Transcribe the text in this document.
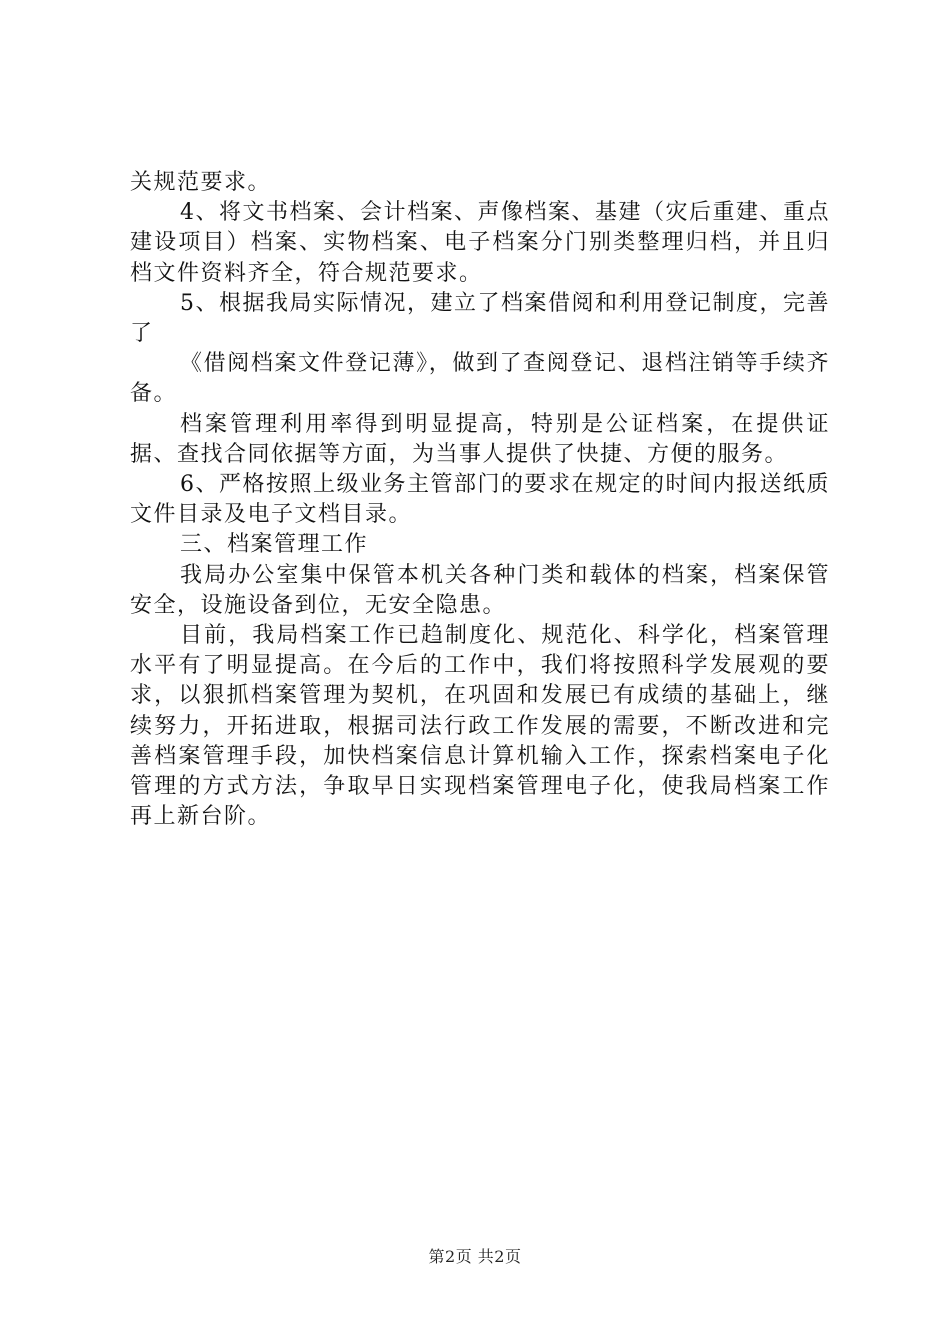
关规范要求。

4、将文书档案、会计档案、声像档案、基建（灾后重建、重点建设项目）档案、实物档案、电子档案分门别类整理归档，并且归档文件资料齐全，符合规范要求。

5、根据我局实际情况，建立了档案借阅和利用登记制度，完善了

《借阅档案文件登记薄》，做到了查阅登记、退档注销等手续齐备。

档案管理利用率得到明显提高，特别是公证档案，在提供证据、查找合同依据等方面，为当事人提供了快捷、方便的服务。

6、严格按照上级业务主管部门的要求在规定的时间内报送纸质文件目录及电子文档目录。

三、档案管理工作

我局办公室集中保管本机关各种门类和载体的档案，档案保管安全，设施设备到位，无安全隐患。

目前，我局档案工作已趋制度化、规范化、科学化，档案管理水平有了明显提高。在今后的工作中，我们将按照科学发展观的要求，以狠抓档案管理为契机，在巩固和发展已有成绩的基础上，继续努力，开拓进取，根据司法行政工作发展的需要，不断改进和完善档案管理手段，加快档案信息计算机输入工作，探索档案电子化管理的方式方法，争取早日实现档案管理电子化，使我局档案工作再上新台阶。

第2页 共2页
